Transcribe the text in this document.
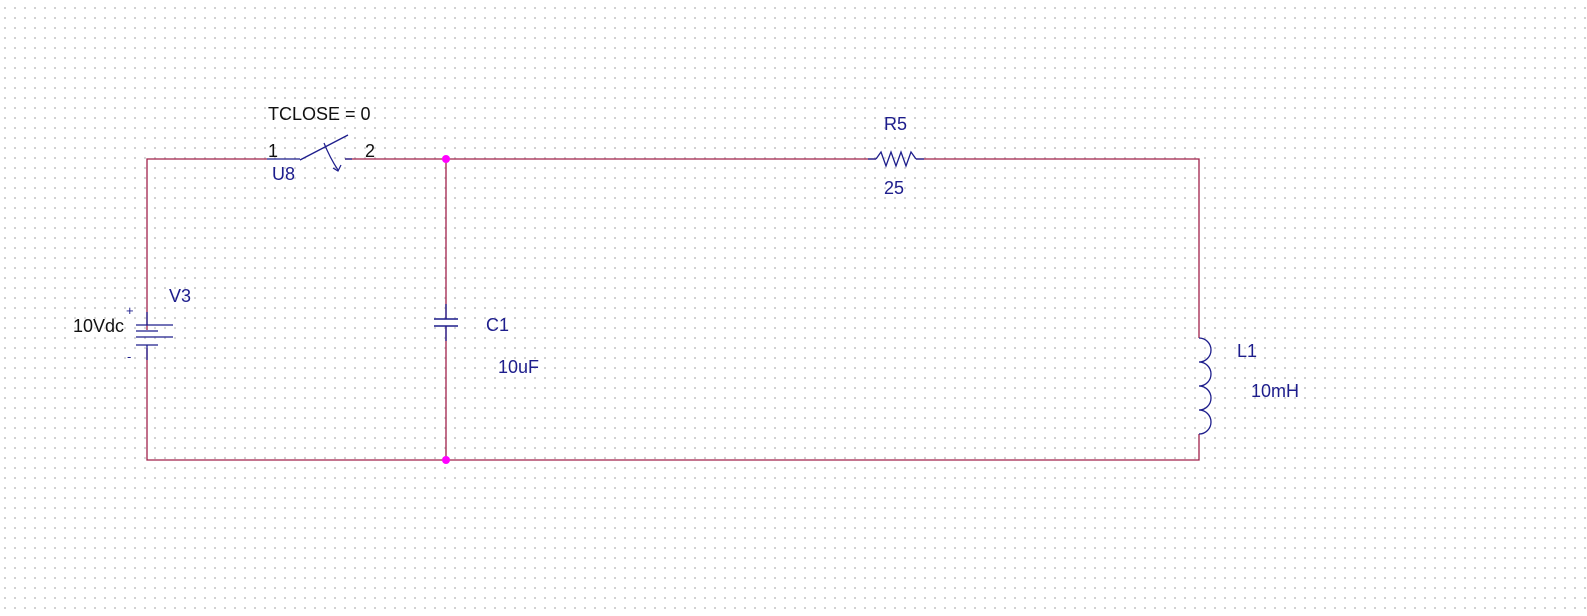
TCLOSE = 0
1	2
U8
+
-
V3
10Vdc	C1
10uF
R5
25
L1
10mH
